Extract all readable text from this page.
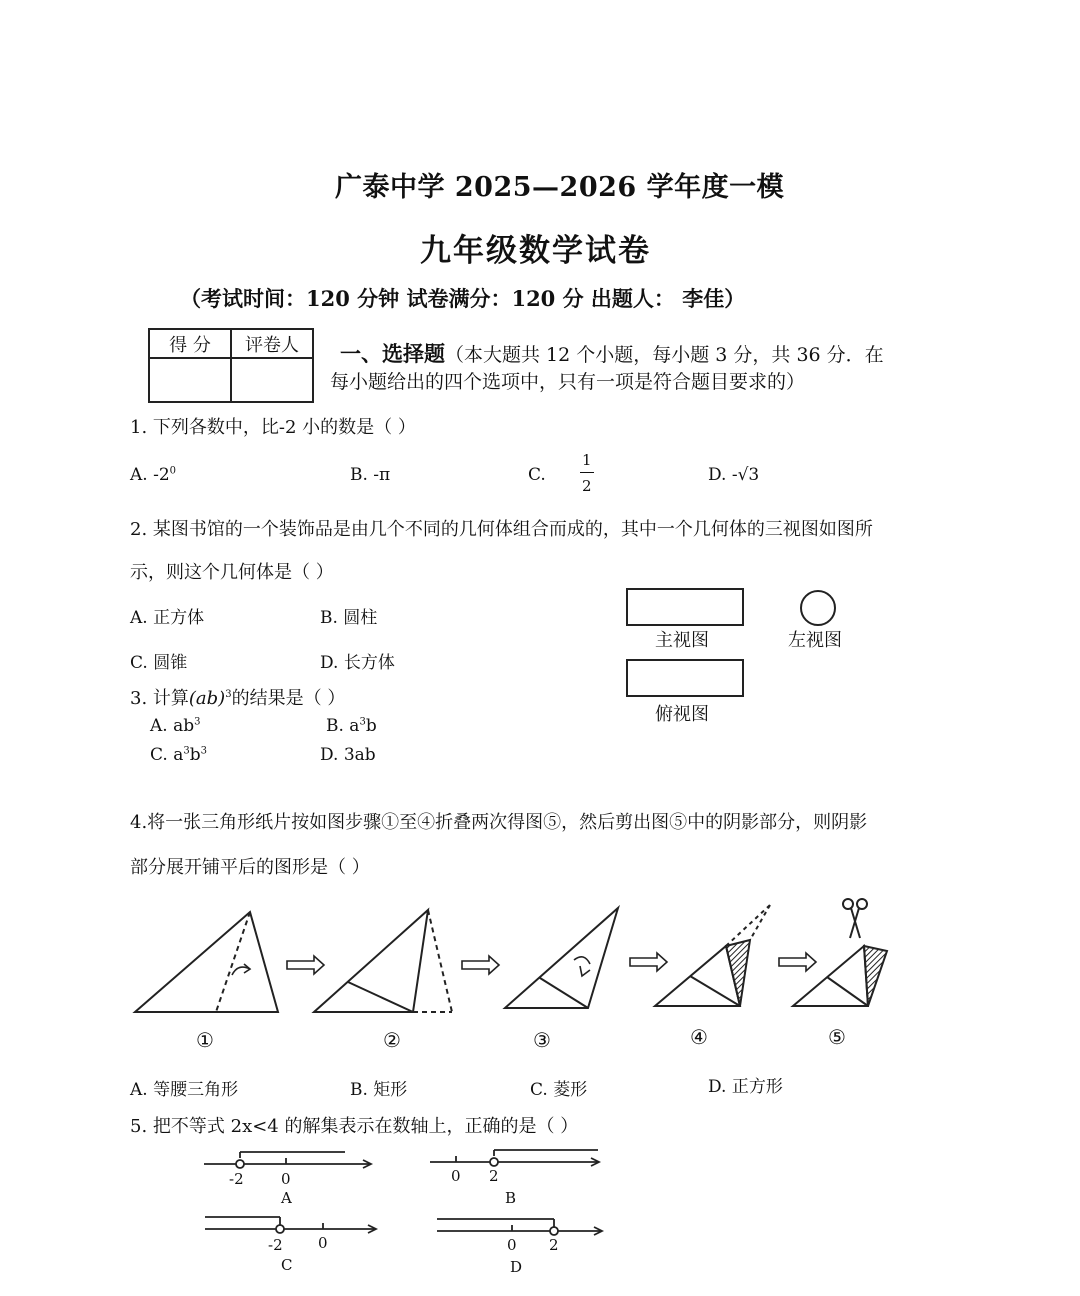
广泰中学 2025—2026 学年度一模
九年级数学试卷
（考试时间：120 分钟 试卷满分：120 分 出题人： 李佳）
得 分	评卷人
	一、选择题（本大题共 12 个小题，每小题 3 分，共 36 分．在
每小题给出的四个选项中，只有一项是符合题目要求的）
1. 下列各数中，比-2 小的数是（ ）
A. $-2^0$	B. -π	C.
1
2
D. -√3
2. 某图书馆的一个装饰品是由几个不同的几何体组合而成的，其中一个几何体的三视图如图所
示，则这个几何体是（ ）
A. 正方体	B. 圆柱
C. 圆锥	D. 长方体
主视图	左视图
俯视图
3. 计算(ab)$^3$的结果是（ ）
A. $ab^3$	B. $a^3b$
C. $a^3b^3$	D. 3ab
4.将一张三角形纸片按如图步骤①至④折叠两次得图⑤，然后剪出图⑤中的阴影部分，则阴影
部分展开铺平后的图形是（ ）
①	②	③	④	⑤
A. 等腰三角形	B. 矩形	C. 菱形	D. 正方形
5. 把不等式 2x<4 的解集表示在数轴上，正确的是（ ）
-2 0
A
0 2
B
-2 0
C
0 2
D
